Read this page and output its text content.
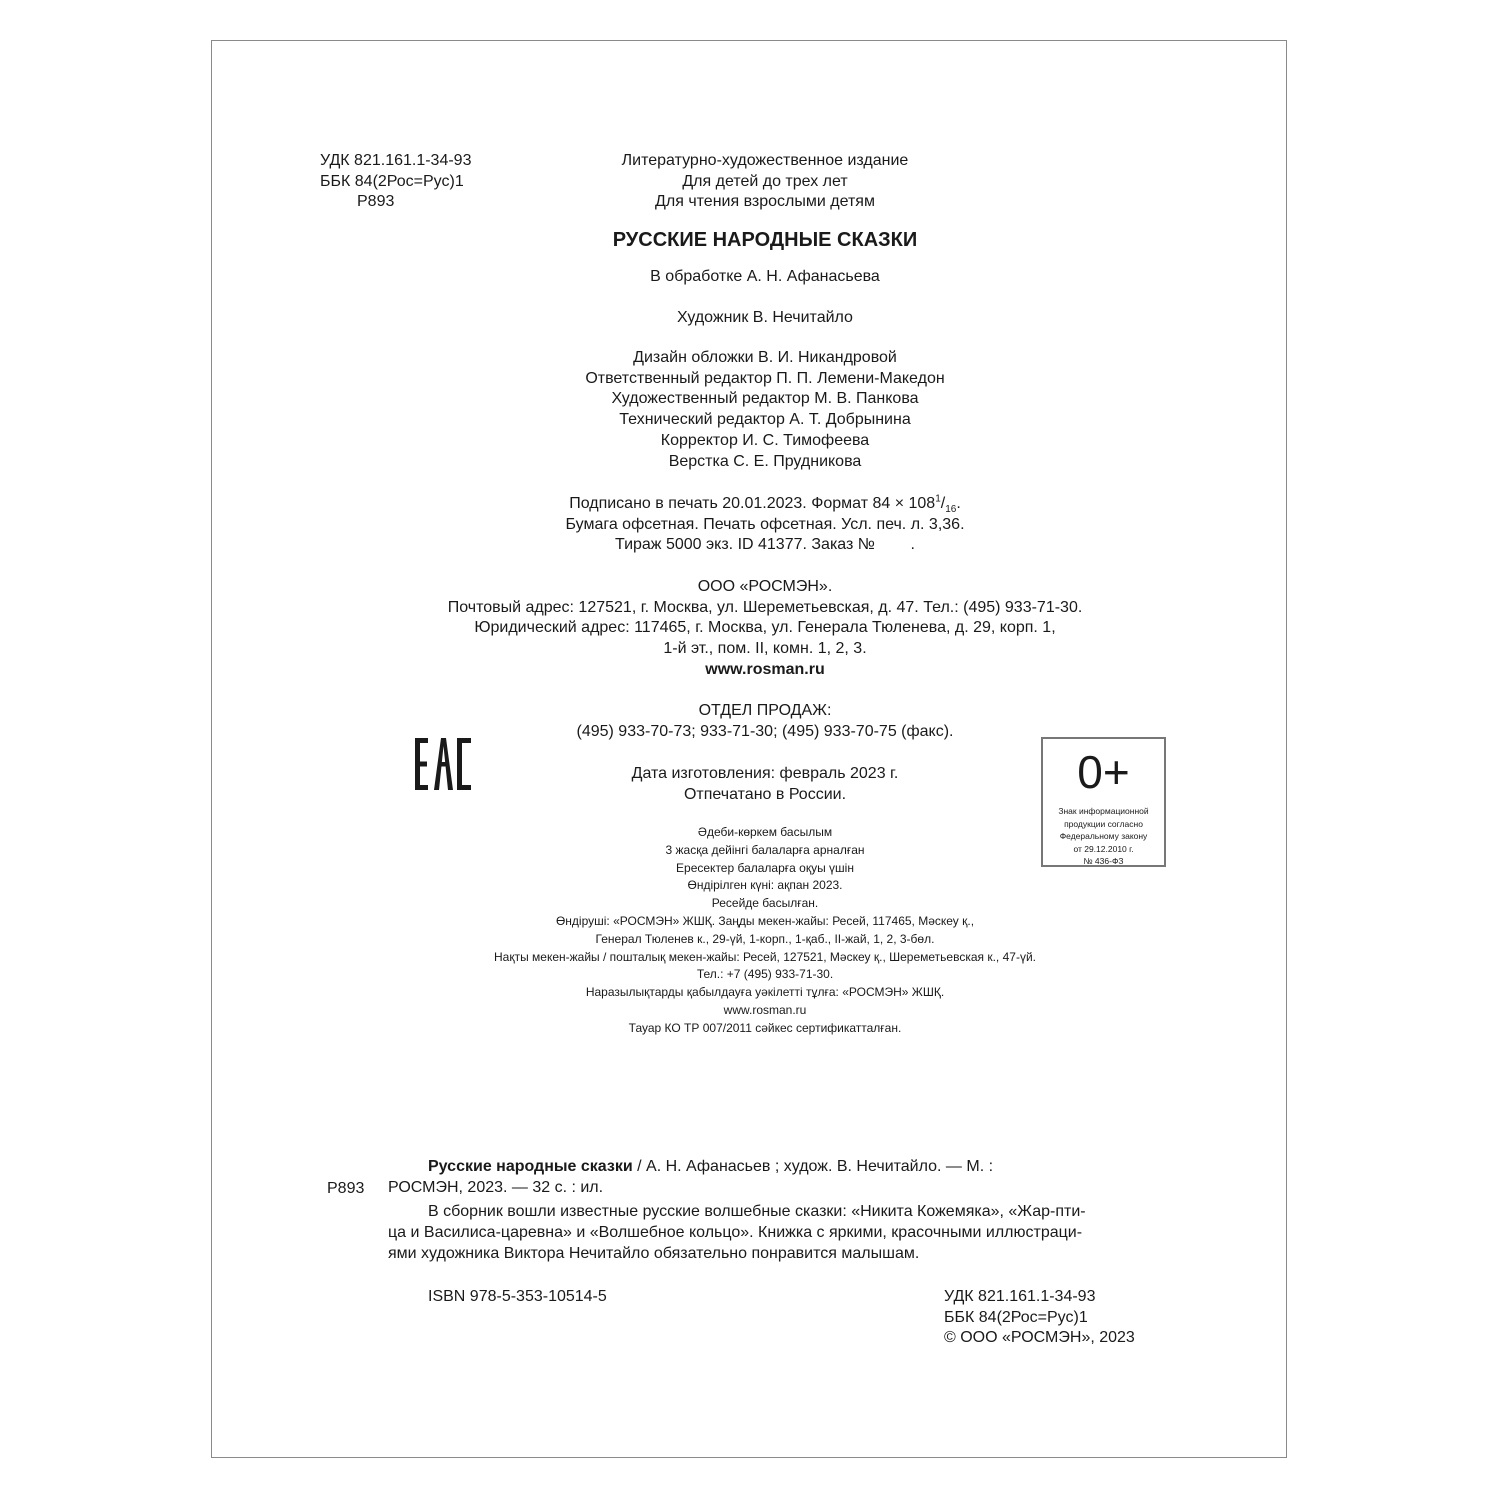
УДК 821.161.1-34-93
ББК 84(2Рос=Рус)1
Р893
Литературно-художественное издание
Для детей до трех лет
Для чтения взрослыми детям
РУССКИЕ НАРОДНЫЕ СКАЗКИ
В обработке А. Н. Афанасьева
Художник В. Нечитайло
Дизайн обложки В. И. Никандровой
Ответственный редактор П. П. Лемени-Македон
Художественный редактор М. В. Панкова
Технический редактор А. Т. Добрынина
Корректор И. С. Тимофеева
Верстка С. Е. Прудникова
Подписано в печать 20.01.2023. Формат $84 \times 108^1/_{16}$.
Бумага офсетная. Печать офсетная. Усл. печ. л. 3,36.
Тираж 5000 экз. ID 41377. Заказ №        .
ООО «РОСМЭН».
Почтовый адрес: 127521, г. Москва, ул. Шереметьевская, д. 47. Тел.: (495) 933-71-30.
Юридический адрес: 117465, г. Москва, ул. Генерала Тюленева, д. 29, корп. 1,
1-й эт., пом. II, комн. 1, 2, 3.
www.rosman.ru
ОТДЕЛ ПРОДАЖ:
(495) 933-70-73; 933-71-30; (495) 933-70-75 (факс).
Дата изготовления: февраль 2023 г.
Отпечатано в России.	0+
Знак информационной
продукции согласно
Федеральному закону
от 29.12.2010 г.
№ 436-ФЗ
Әдеби-көркем басылым
3 жасқа дейінгі балаларға арналған
Ересектер балаларға оқуы үшін
Өндірілген күні: ақпан 2023.
Ресейде басылған.
Өндіруші: «РОСМЭН» ЖШҚ. Заңды мекен-жайы: Ресей, 117465, Мәскеу қ.,
Генерал Тюленев к., 29-үй, 1-корп., 1-қаб., II-жай, 1, 2, 3-бөл.
Нақты мекен-жайы / пошталық мекен-жайы: Ресей, 127521, Мәскеу қ., Шереметьевская к., 47-үй.
Тел.: +7 (495) 933-71-30.
Наразылықтарды қабылдауға уәкілетті тұлға: «РОСМЭН» ЖШҚ.
www.rosman.ru
Тауар КО ТР 007/2011 сәйкес сертификатталған.
Р893
Русские народные сказки / А. Н. Афанасьев ; худож. В. Нечитайло. — М. :
РОСМЭН, 2023. — 32 с. : ил.
В сборник вошли известные русские волшебные сказки: «Никита Кожемяка», «Жар-пти-
ца и Василиса-царевна» и «Волшебное кольцо». Книжка с яркими, красочными иллюстраци-
ями художника Виктора Нечитайло обязательно понравится малышам.
ISBN 978-5-353-10514-5	УДК 821.161.1-34-93
ББК 84(2Рос=Рус)1
© ООО «РОСМЭН», 2023
